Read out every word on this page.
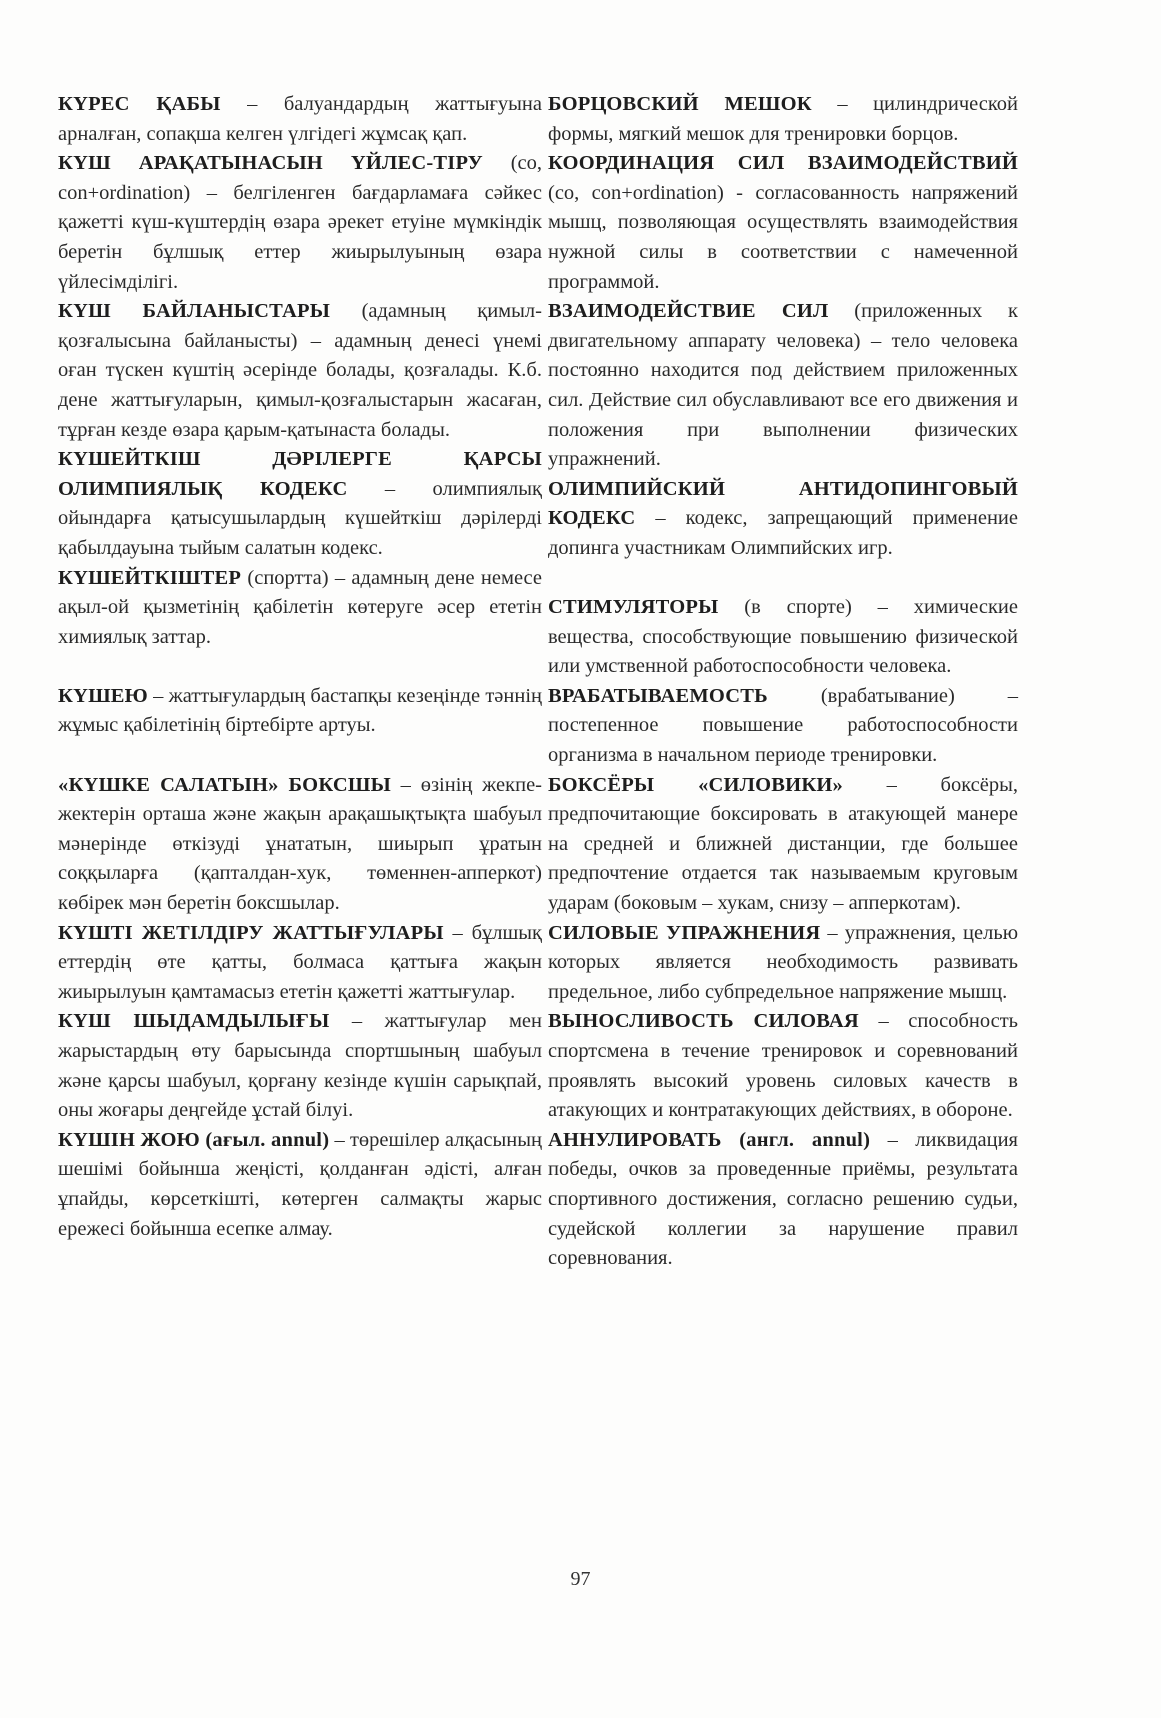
КҮРЕС ҚАБЫ – балуандардың жаттығуына арналған, сопақша келген үлгідегі жұмсақ қап.

КҮШ АРАҚАТЫНАСЫН ҮЙЛЕС-ТІРУ (co, con+ordination) – белгіленген бағдарламаға сәйкес қажетті күш-күштердің өзара әрекет етуіне мүмкіндік беретін бұлшық еттер жиырылуының өзара үйлесімділігі.

КҮШ БАЙЛАНЫСТАРЫ (адамның қимыл-қозғалысына байланысты) – адамның денесі үнемі оған түскен күштің әсерінде болады, қозғалады. К.б. дене жаттығуларын, қимыл-қозғалыстарын жасаған, тұрған кезде өзара қарым-қатынаста болады.

КҮШЕЙТКІШ ДӘРІЛЕРГЕ ҚАРСЫ ОЛИМПИЯЛЫҚ КОДЕКС – олимпиялық ойындарға қатысушылардың күшейткіш дәрілерді қабылдауына тыйым салатын кодекс.

КҮШЕЙТКІШТЕР (спортта) – адамның дене немесе ақыл-ой қызметінің қабілетін көтеруге әсер ететін химиялық заттар.

КҮШЕЮ – жаттығулардың бастапқы кезеңінде тәннің жұмыс қабілетінің біртебірте артуы.

«КҮШКЕ САЛАТЫН» БОКСШЫ – өзінің жекпе-жектерін орташа және жақын арақашықтықта шабуыл мәнерінде өткізуді ұнататын, шиырып ұратын соққыларға (қапталдан-хук, төменнен-апперкот) көбірек мән беретін боксшылар.

КҮШТІ ЖЕТІЛДІРУ ЖАТТЫҒУЛАРЫ – бұлшық еттердің өте қатты, болмаса қаттыға жақын жиырылуын қамтамасыз ететін қажетті жаттығулар.

КҮШ ШЫДАМДЫЛЫҒЫ – жаттығулар мен жарыстардың өту барысында спортшының шабуыл және қарсы шабуыл, қорғану кезінде күшін сарықпай, оны жоғары деңгейде ұстай білуі.

КҮШІН ЖОЮ (ағыл. annul) – төрешілер алқасының шешімі бойынша жеңісті, қолданған әдісті, алған ұпайды, көрсеткішті, көтерген салмақты жарыс ережесі бойынша есепке алмау.

БОРЦОВСКИЙ МЕШОК – цилиндрической формы, мягкий мешок для тренировки борцов.

КООРДИНАЦИЯ СИЛ ВЗАИМОДЕЙСТВИЙ (co, con+ordination) - согласованность напряжений мышц, позволяющая осуществлять взаимодействия нужной силы в соответствии с намеченной программой.

ВЗАИМОДЕЙСТВИЕ СИЛ (приложенных к двигательному аппарату человека) – тело человека постоянно находится под действием приложенных сил. Действие сил обуславливают все его движения и положения при выполнении физических упражнений.

ОЛИМПИЙСКИЙ АНТИДОПИНГОВЫЙ КОДЕКС – кодекс, запрещающий применение допинга участникам Олимпийских игр.

СТИМУЛЯТОРЫ (в спорте) – химические вещества, способствующие повышению физической или умственной работоспособности человека.

ВРАБАТЫВАЕМОСТЬ (врабатывание) – постепенное повышение работоспособности организма в начальном периоде тренировки.

БОКСЁРЫ «СИЛОВИКИ» – боксёры, предпочитающие боксировать в атакующей манере на средней и ближней дистанции, где большее предпочтение отдается так называемым круговым ударам (боковым – хукам, снизу – апперкотам).

СИЛОВЫЕ УПРАЖНЕНИЯ – упражнения, целью которых является необходимость развивать предельное, либо субпредельное напряжение мышц.

ВЫНОСЛИВОСТЬ СИЛОВАЯ – способность спортсмена в течение тренировок и соревнований проявлять высокий уровень силовых качеств в атакующих и контратакующих действиях, в обороне.

АННУЛИРОВАТЬ (англ. annul) – ликвидация победы, очков за проведенные приёмы, результата спортивного достижения, согласно решению судьи, судейской коллегии за нарушение правил соревнования.

97
